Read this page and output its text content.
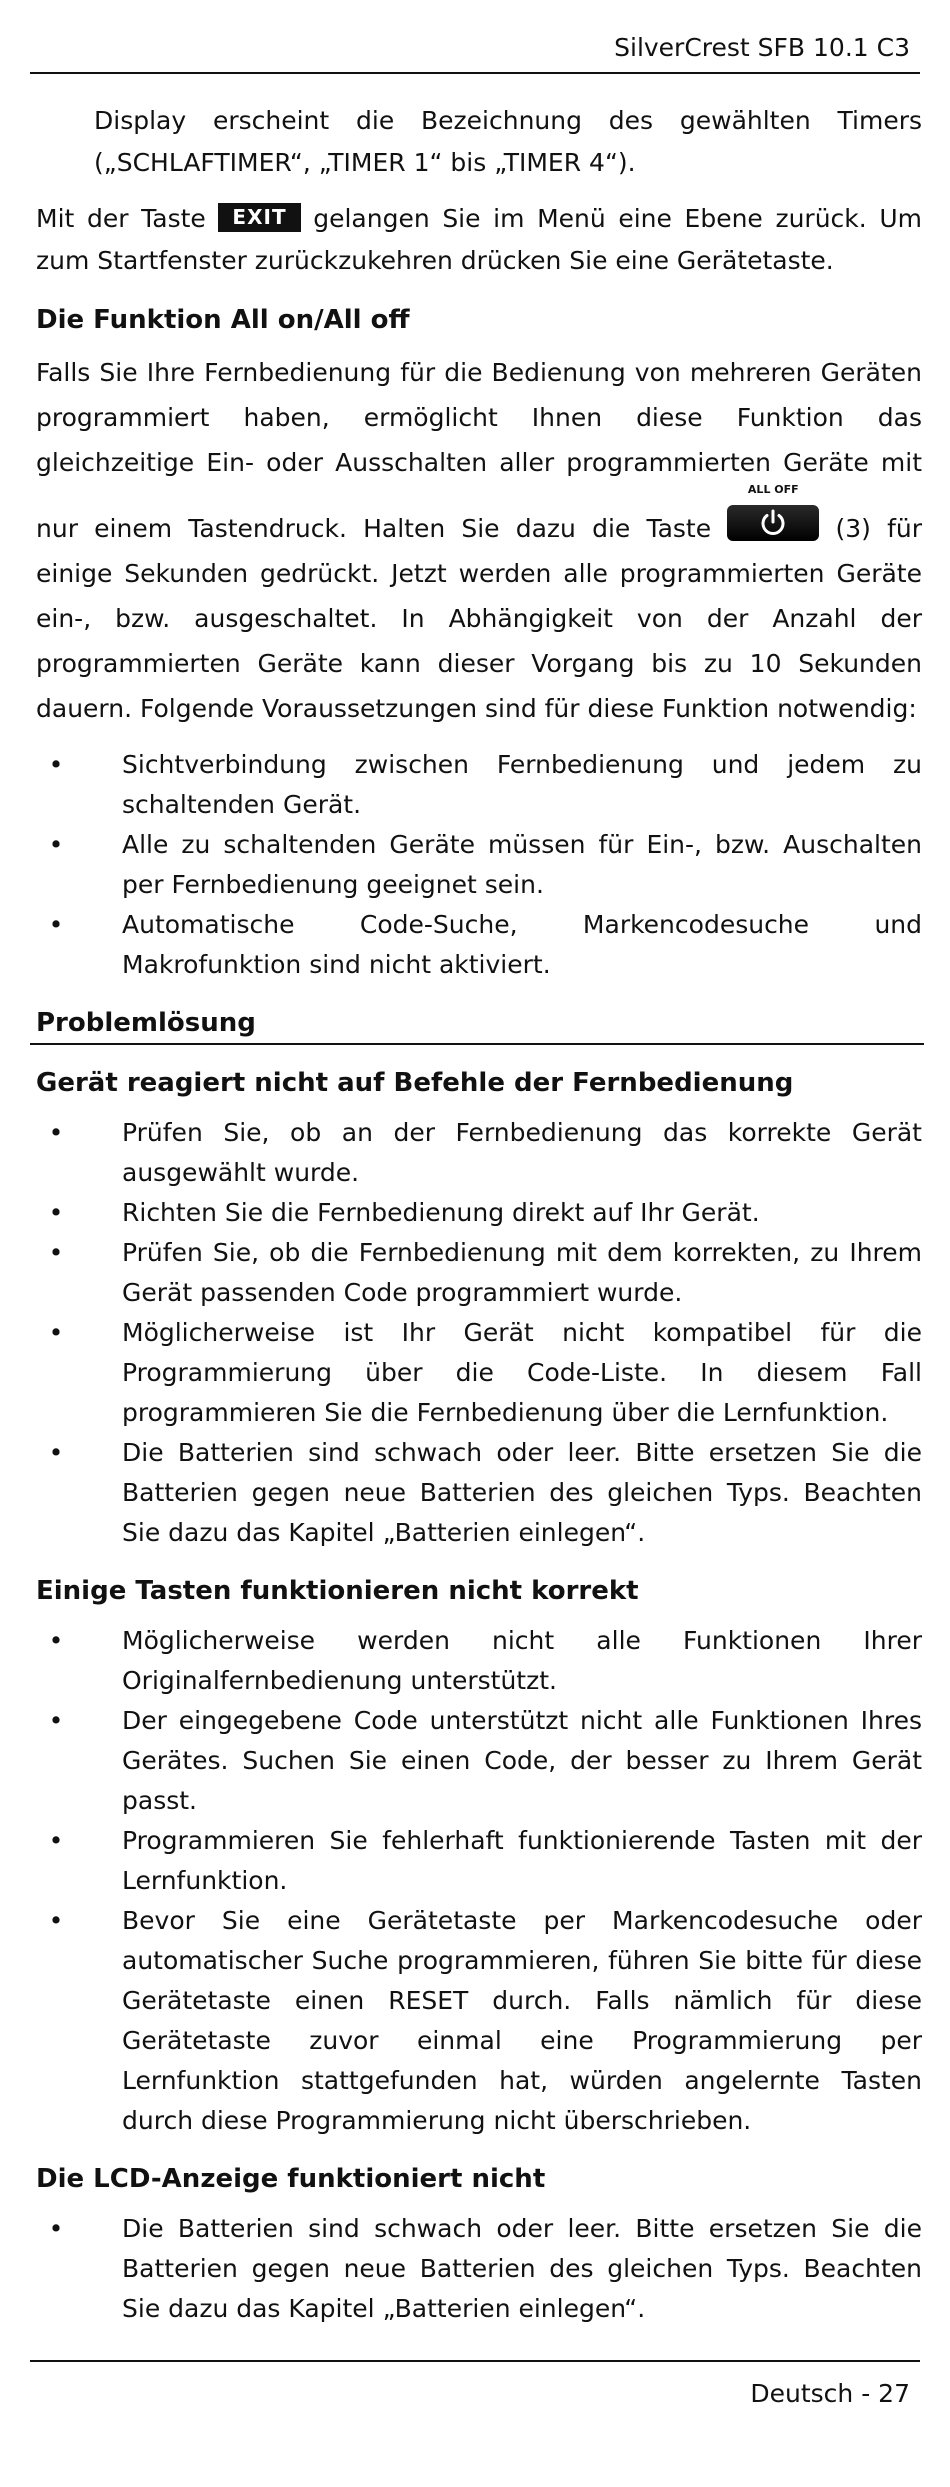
SilverCrest SFB 10.1 C3

Display erscheint die Bezeichnung des gewählten Timers („SCHLAFTIMER“, „TIMER 1“ bis „TIMER 4“).

Mit der Taste EXIT gelangen Sie im Menü eine Ebene zurück. Um zum Startfenster zurückzukehren drücken Sie eine Gerätetaste.

Die Funktion All on/All off

Falls Sie Ihre Fernbedienung für die Bedienung von mehreren Geräten programmiert haben, ermöglicht Ihnen diese Funktion das gleichzeitige Ein- oder Ausschalten aller programmierten Geräte mit nur einem Tastendruck. Halten Sie dazu die Taste
ALL OFF
(3) für einige Sekunden gedrückt. Jetzt werden alle programmierten Geräte ein-, bzw. ausgeschaltet. In Abhängigkeit von der Anzahl der programmierten Geräte kann dieser Vorgang bis zu 10 Sekunden dauern. Folgende Voraussetzungen sind für diese Funktion notwendig:

• Sichtverbindung zwischen Fernbedienung und jedem zu schaltenden Gerät.
• Alle zu schaltenden Geräte müssen für Ein-, bzw. Auschalten per Fernbedienung geeignet sein.
• Automatische Code-Suche, Markencodesuche und Makrofunktion sind nicht aktiviert.
Problemlösung
Gerät reagiert nicht auf Befehle der Fernbedienung
• Prüfen Sie, ob an der Fernbedienung das korrekte Gerät ausgewählt wurde.
• Richten Sie die Fernbedienung direkt auf Ihr Gerät.
• Prüfen Sie, ob die Fernbedienung mit dem korrekten, zu Ihrem Gerät passenden Code programmiert wurde.
• Möglicherweise ist Ihr Gerät nicht kompatibel für die Programmierung über die Code-Liste. In diesem Fall programmieren Sie die Fernbedienung über die Lernfunktion.
• Die Batterien sind schwach oder leer. Bitte ersetzen Sie die Batterien gegen neue Batterien des gleichen Typs. Beachten Sie dazu das Kapitel „Batterien einlegen“.
Einige Tasten funktionieren nicht korrekt
• Möglicherweise werden nicht alle Funktionen Ihrer Originalfernbedienung unterstützt.
• Der eingegebene Code unterstützt nicht alle Funktionen Ihres Gerätes. Suchen Sie einen Code, der besser zu Ihrem Gerät passt.
• Programmieren Sie fehlerhaft funktionierende Tasten mit der Lernfunktion.
• Bevor Sie eine Gerätetaste per Markencodesuche oder automatischer Suche programmieren, führen Sie bitte für diese Gerätetaste einen RESET durch. Falls nämlich für diese Gerätetaste zuvor einmal eine Programmierung per Lernfunktion stattgefunden hat, würden angelernte Tasten durch diese Programmierung nicht überschrieben.
Die LCD-Anzeige funktioniert nicht
• Die Batterien sind schwach oder leer. Bitte ersetzen Sie die Batterien gegen neue Batterien des gleichen Typs. Beachten Sie dazu das Kapitel „Batterien einlegen“.
Deutsch - 27
